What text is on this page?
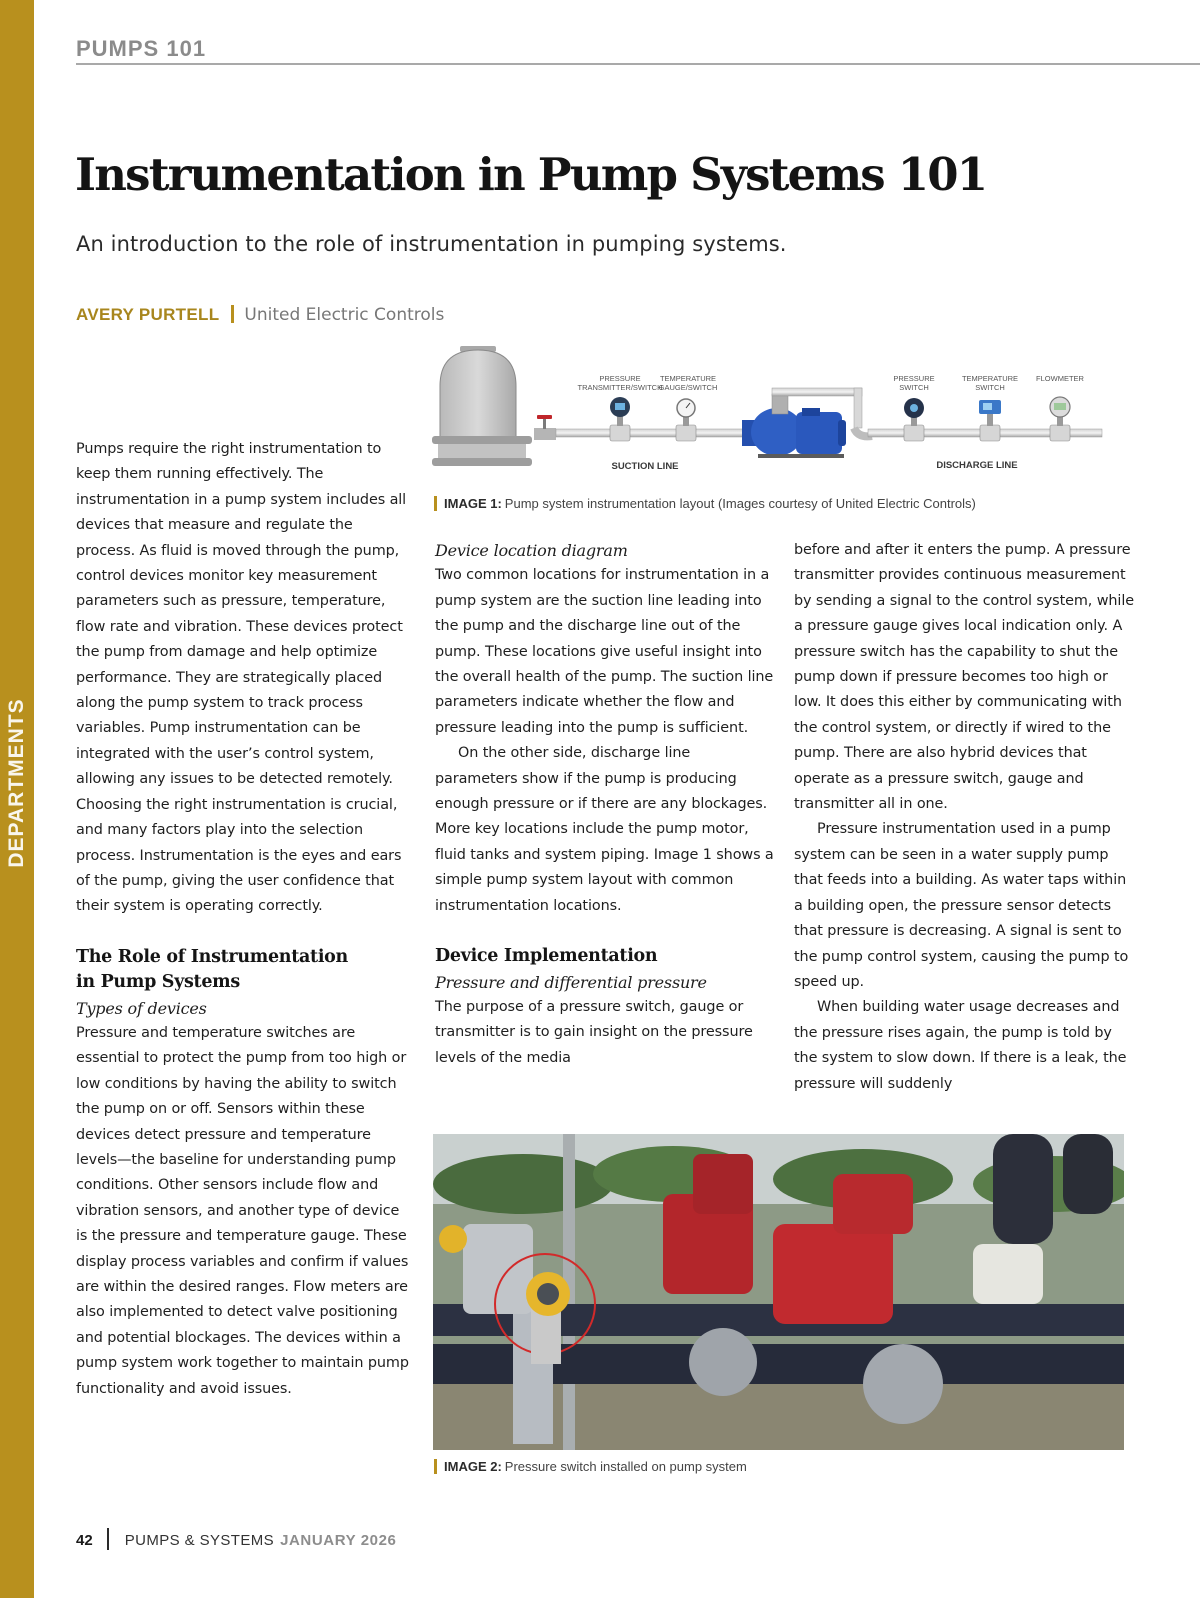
DEPARTMENTS
PUMPS 101
Instrumentation in Pump Systems 101
An introduction to the role of instrumentation in pumping systems.
AVERY PURTELL United Electric Controls
PRESSURE
TRANSMITTER/SWITCH
TEMPERATURE
GAUGE/SWITCH
PRESSURE
SWITCH
TEMPERATURE
SWITCH
FLOWMETER
SUCTION LINE	DISCHARGE LINE
IMAGE 1: Pump system instrumentation layout (Images courtesy of United Electric Controls)

Pumps require the right instrumentation to keep them running effectively. The instrumentation in a pump system includes all devices that measure and regulate the process. As fluid is moved through the pump, control devices monitor key measurement parameters such as pressure, temperature, flow rate and vibration. These devices protect the pump from damage and help optimize performance. They are strategically placed along the pump system to track process variables. Pump instrumentation can be integrated with the user’s control system, allowing any issues to be detected remotely. Choosing the right instrumentation is crucial, and many factors play into the selection process. Instrumentation is the eyes and ears of the pump, giving the user confidence that their system is operating correctly.

The Role of Instrumentation
in Pump Systems
Types of devices

Pressure and temperature switches are essential to protect the pump from too high or low conditions by having the ability to switch the pump on or off. Sensors within these devices detect pressure and temperature levels—the baseline for understanding pump conditions. Other sensors include flow and vibration sensors, and another type of device is the pressure and temperature gauge. These display process variables and confirm if values are within the desired ranges. Flow meters are also implemented to detect valve positioning and potential blockages. The devices within a pump system work together to maintain pump functionality and avoid issues.

Device location diagram

Two common locations for instrumentation in a pump system are the suction line leading into the pump and the discharge line out of the pump. These locations give useful insight into the overall health of the pump. The suction line parameters indicate whether the flow and pressure leading into the pump is sufficient.

On the other side, discharge line parameters show if the pump is producing enough pressure or if there are any blockages. More key locations include the pump motor, fluid tanks and system piping. Image 1 shows a simple pump system layout with common instrumentation locations.

Device Implementation
Pressure and differential pressure

The purpose of a pressure switch, gauge or transmitter is to gain insight on the pressure levels of the media

before and after it enters the pump. A pressure transmitter provides continuous measurement by sending a signal to the control system, while a pressure gauge gives local indication only. A pressure switch has the capability to shut the pump down if pressure becomes too high or low. It does this either by communicating with the control system, or directly if wired to the pump. There are also hybrid devices that operate as a pressure switch, gauge and transmitter all in one.

Pressure instrumentation used in a pump system can be seen in a water supply pump that feeds into a building. As water taps within a building open, the pressure sensor detects that pressure is decreasing. A signal is sent to the pump control system, causing the pump to speed up.

When building water usage decreases and the pressure rises again, the pump is told by the system to slow down. If there is a leak, the pressure will suddenly

IMAGE 2: Pressure switch installed on pump system
42 PUMPS & SYSTEMS JANUARY 2026
